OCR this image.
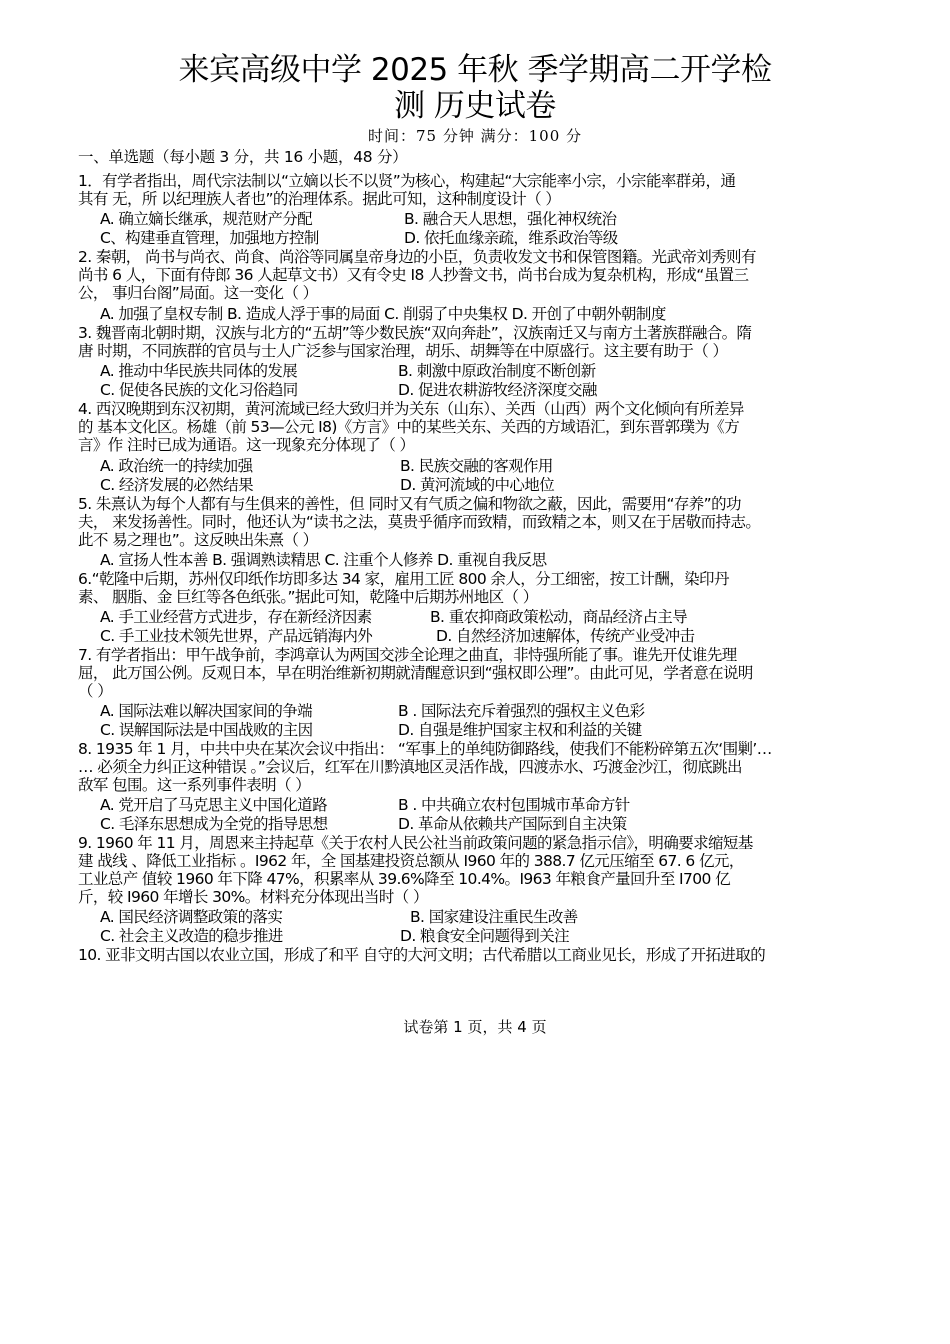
来宾高级中学 2025 年秋 季学期高二开学检
测 历史试卷
时间：75 分钟 满分：100 分
一、单选题（每小题 3 分，共 16 小题，48 分）
1．有学者指出，周代宗法制以“立嫡以长不以贤”为核心，构建起“大宗能率小宗，小宗能率群弟，通
其有 无，所 以纪理族人者也”的治理体系。据此可知，这种制度设计（ ）
A. 确立嫡长继承，规范财产分配	B. 融合天人思想，强化神权统治
C、构建垂直管理，加强地方控制	D. 依托血缘亲疏，维系政治等级
2. 秦朝， 尚书与尚衣、尚食、尚浴等同属皇帝身边的小臣，负责收发文书和保管图籍。光武帝刘秀则有
尚书 6 人，下面有侍郎 36 人起草文书）又有令史 I8 人抄誊文书，尚书台成为复杂机构，形成“虽置三
公， 事归台阁”局面。这一变化（ ）
A. 加强了皇权专制 B. 造成人浮于事的局面 C. 削弱了中央集权 D. 开创了中朝外朝制度
3. 魏晋南北朝时期，汉族与北方的“五胡”等少数民族“双向奔赴”，汉族南迁又与南方土著族群融合。隋
唐 时期，不同族群的官员与士人广泛参与国家治理，胡乐、胡舞等在中原盛行。这主要有助于（ ）
A. 推动中华民族共同体的发展	B. 刺激中原政治制度不断创新
C. 促使各民族的文化习俗趋同	D. 促进农耕游牧经济深度交融
4. 西汉晚期到东汉初期，黄河流域已经大致归并为关东（山东）、关西（山西）两个文化倾向有所差异
的 基本文化区。杨雄（前 53—公元 I8)《方言》中的某些关东、关西的方域语汇，到东晋郭璞为《方
言》作 注时已成为通语。这一现象充分体现了（ ）
A. 政治统一的持续加强	B. 民族交融的客观作用
C. 经济发展的必然结果	D. 黄河流域的中心地位
5. 朱熹认为每个人都有与生俱来的善性，但 同时又有气质之偏和物欲之蔽，因此，需要用“存养”的功
夫， 来发扬善性。同时，他还认为“读书之法，莫贵乎循序而致精，而致精之本，则又在于居敬而持志。
此不 易之理也”。这反映出朱熹（ ）
A. 宣扬人性本善 B. 强调熟读精思 C. 注重个人修养 D. 重视自我反思
6.“乾隆中后期，苏州仅印纸作坊即多达 34 家，雇用工匠 800 余人，分工细密，按工计酬，染印丹
素、 胭脂、金 巨红等各色纸张。”据此可知，乾隆中后期苏州地区（ ）
A. 手工业经营方式进步，存在新经济因素	B. 重农抑商政策松动，商品经济占主导
C. 手工业技术领先世界，产品远销海内外	D. 自然经济加速解体，传统产业受冲击
7. 有学者指出：甲午战争前，李鸿章认为两国交涉全论理之曲直，非恃强所能了事。谁先开仗谁先理
屈， 此万国公例。反观日本，早在明治维新初期就清醒意识到“强权即公理”。由此可见，学者意在说明
（ ）
A. 国际法难以解决国家间的争端	B . 国际法充斥着强烈的强权主义色彩
C. 误解国际法是中国战败的主因	D. 自强是维护国家主权和利益的关键
8. 1935 年 1 月，中共中央在某次会议中指出： “军事上的单纯防御路线，使我们不能粉碎第五次‘围剿’…
… 必须全力纠正这种错误 。”会议后，红军在川黔滇地区灵活作战，四渡赤水、巧渡金沙江，彻底跳出
敌军 包围。这一系列事件表明（ ）
A. 党开启了马克思主义中国化道路	B . 中共确立农村包围城市革命方针
C. 毛泽东思想成为全党的指导思想	D. 革命从依赖共产国际到自主决策
9. 1960 年 11 月，周恩来主持起草《关于农村人民公社当前政策问题的紧急指示信》，明确要求缩短基
建 战线 、降低工业指标 。I962 年，全 国基建投资总额从 I960 年的 388.7 亿元压缩至 67. 6 亿元，
工业总产 值较 1960 年下降 47%，积累率从 39.6%降至 10.4%。I963 年粮食产量回升至 I700 亿
斤，较 I960 年增长 30%。材料充分体现出当时（ ）
A. 国民经济调整政策的落实	B. 国家建设注重民生改善
C. 社会主义改造的稳步推进	D. 粮食安全问题得到关注
10. 亚非文明古国以农业立国，形成了和平 自守的大河文明；古代希腊以工商业见长，形成了开拓进取的
试卷第 1 页，共 4 页
